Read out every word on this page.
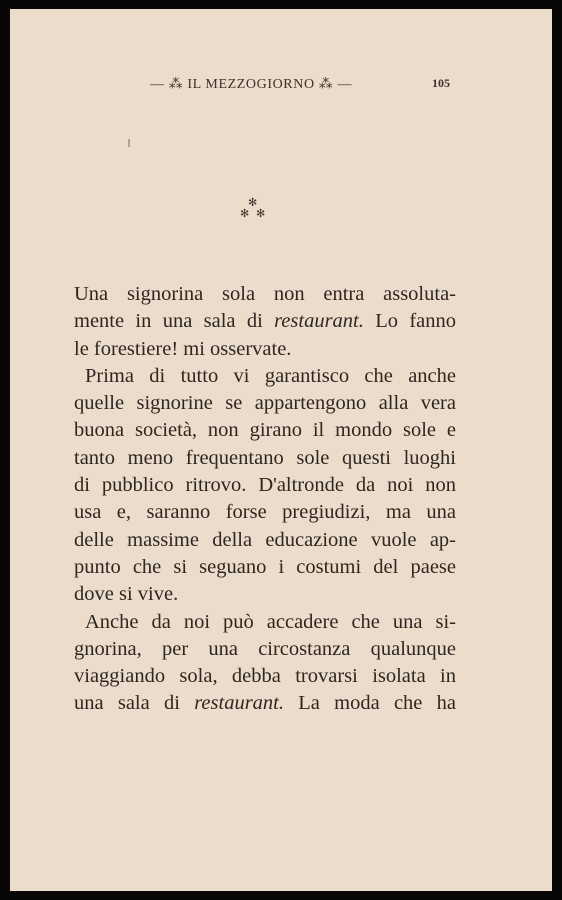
— ⁂ IL MEZZOGIORNO ⁂ —	105
✻
✻ ✻
Una signorina sola non entra assoluta-
mente in una sala di restaurant. Lo fanno
le forestiere! mi osservate.
Prima di tutto vi garantisco che anche
quelle signorine se appartengono alla vera
buona società, non girano il mondo sole e
tanto meno frequentano sole questi luoghi
di pubblico ritrovo. D'altronde da noi non
usa e, saranno forse pregiudizi, ma una
delle massime della educazione vuole ap-
punto che si seguano i costumi del paese
dove si vive.
Anche da noi può accadere che una si-
gnorina, per una circostanza qualunque
viaggiando sola, debba trovarsi isolata in
una sala di restaurant. La moda che ha
